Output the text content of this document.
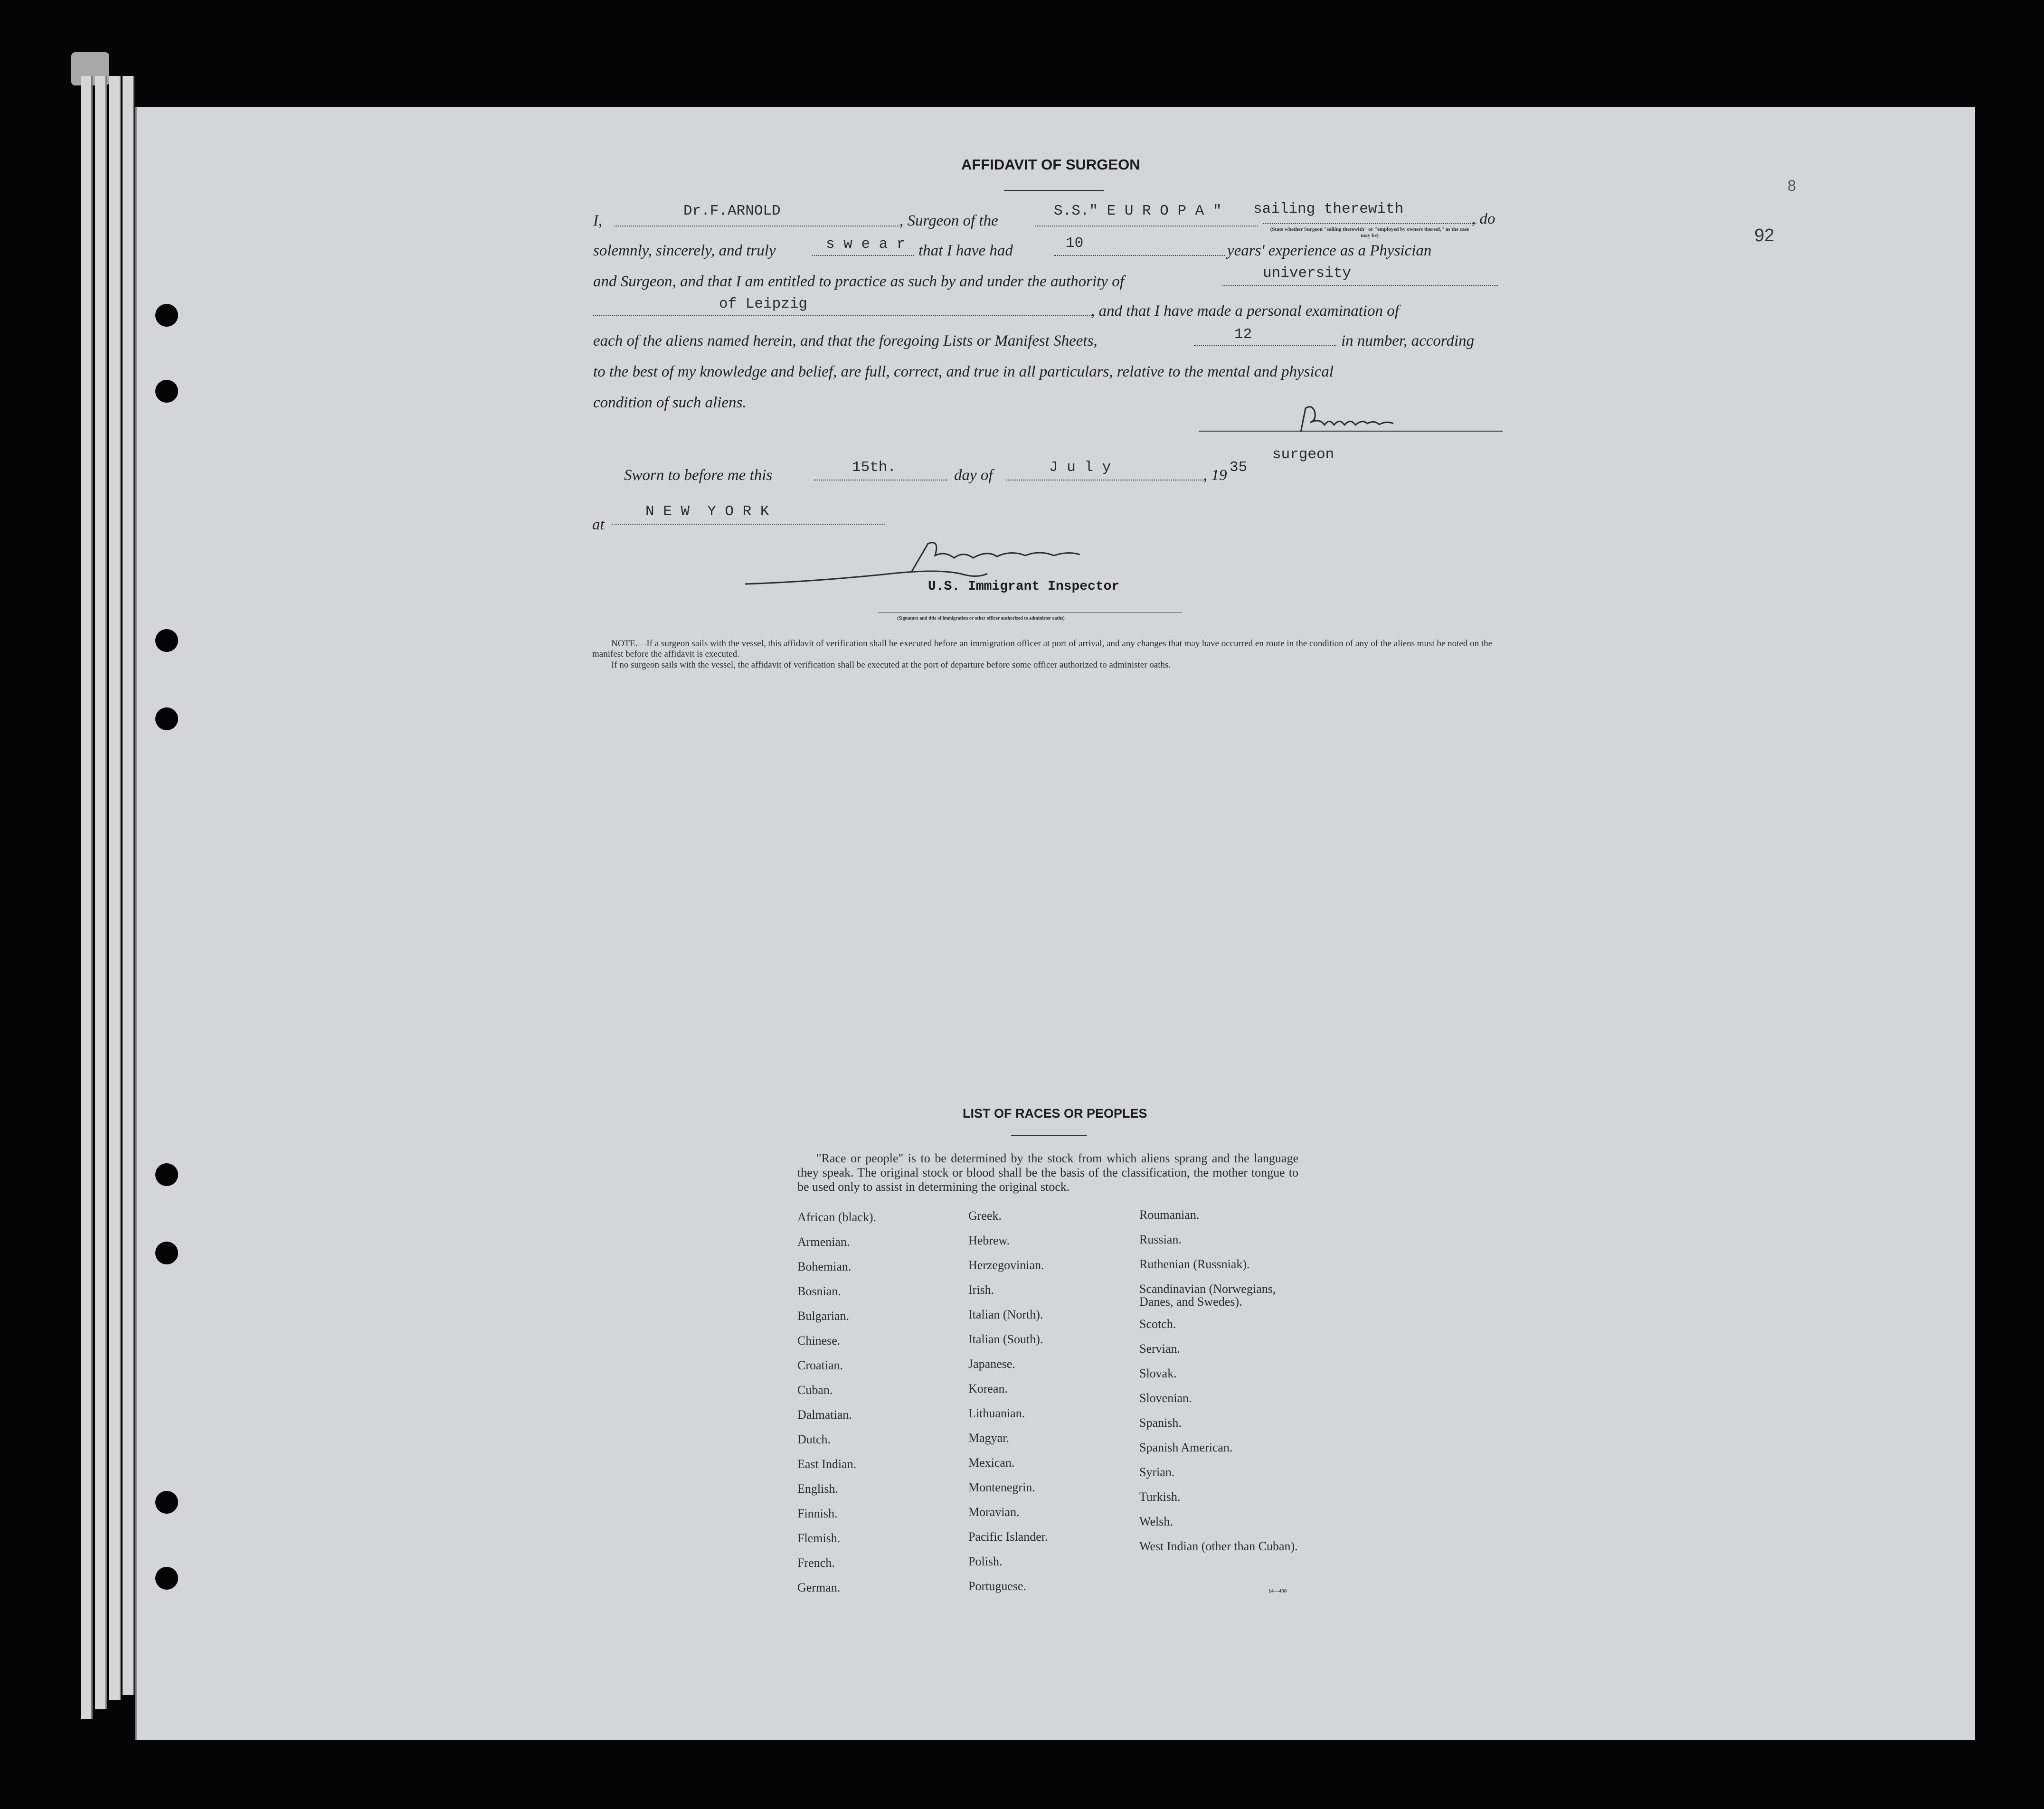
92
8
AFFIDAVIT OF SURGEON
I,
Dr.F.ARNOLD
, Surgeon of the
S.S." E U R O P A " sailing therewith
, do
(State whether Surgeon "sailing therewith" or "employed by owners thereof," as the case may be)
solemnly, sincerely, and truly	s w e a r that I have had	10	years' experience as a Physician
and Surgeon, and that I am entitled to practice as such by and under the authority of	university
of Leipzig	, and that I have made a personal examination of
each of the aliens named herein, and that the foregoing Lists or Manifest Sheets,	12	in number, according
to the best of my knowledge and belief, are full, correct, and true in all particulars, relative to the mental and physical
condition of such aliens.
surgeon
Sworn to before me this	15th.	day of	J u l y	, 19 35
at
N E W  Y O R K
U.S. Immigrant Inspector
(Signature and title of immigration or other officer authorized to administer oaths)
NOTE.—If a surgeon sails with the vessel, this affidavit of verification shall be executed before an immigration officer at port of arrival, and any changes that may have occurred en route in the condition of any of the aliens must be noted on the manifest before the affidavit is executed.
If no surgeon sails with the vessel, the affidavit of verification shall be executed at the port of departure before some officer authorized to administer oaths.
LIST OF RACES OR PEOPLES
"Race or people" is to be determined by the stock from which aliens sprang and the language they speak. The original stock or blood shall be the basis of the classification, the mother tongue to be used only to assist in determining the original stock.
African (black).
Armenian.
Bohemian.
Bosnian.
Bulgarian.
Chinese.
Croatian.
Cuban.
Dalmatian.
Dutch.
East Indian.
English.
Finnish.
Flemish.
French.
German.
Greek.
Hebrew.
Herzegovinian.
Irish.
Italian (North).
Italian (South).
Japanese.
Korean.
Lithuanian.
Magyar.
Mexican.
Montenegrin.
Moravian.
Pacific Islander.
Polish.
Portuguese.
Roumanian.
Russian.
Ruthenian (Russniak).
Scandinavian (Norwegians, Danes, and Swedes).
Scotch.
Servian.
Slovak.
Slovenian.
Spanish.
Spanish American.
Syrian.
Turkish.
Welsh.
West Indian (other than Cuban).
14—430
